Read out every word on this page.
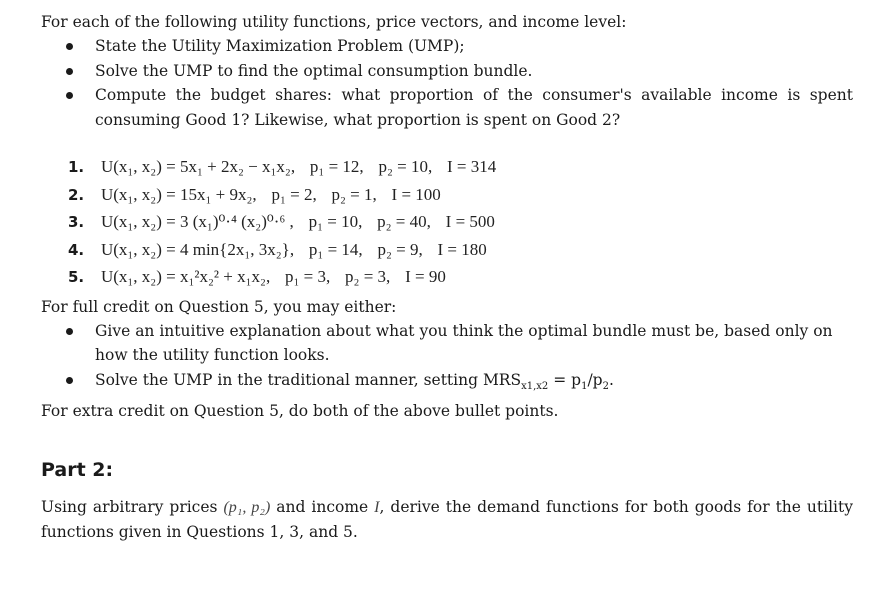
For each of the following utility functions, price vectors, and income level:

State the Utility Maximization Problem (UMP);
Solve the UMP to find the optimal consumption bundle.
Compute the budget shares: what proportion of the consumer's available income is spent consuming Good 1? Likewise, what proportion is spent on Good 2?
1. U(x₁, x₂) = 5x₁ + 2x₂ − x₁x₂, p₁ = 12, p₂ = 10, I = 314
2. U(x₁, x₂) = 15x₁ + 9x₂, p₁ = 2, p₂ = 1, I = 100
3. U(x₁, x₂) = 3 (x₁)⁰·⁴ (x₂)⁰·⁶ , p₁ = 10, p₂ = 40, I = 500
4. U(x₁, x₂) = 4 min{2x₁, 3x₂}, p₁ = 14, p₂ = 9, I = 180
5. U(x₁, x₂) = x₁²x₂² + x₁x₂, p₁ = 3, p₂ = 3, I = 90

For full credit on Question 5, you may either:

Give an intuitive explanation about what you think the optimal bundle must be, based only on how the utility function looks.
Solve the UMP in the traditional manner, setting $MRS_{x1,x2} = p_1/p_2$.

For extra credit on Question 5, do both of the above bullet points.

Part 2:

Using arbitrary prices (p₁, p₂) and income I, derive the demand functions for both goods for the utility functions given in Questions 1, 3, and 5.
